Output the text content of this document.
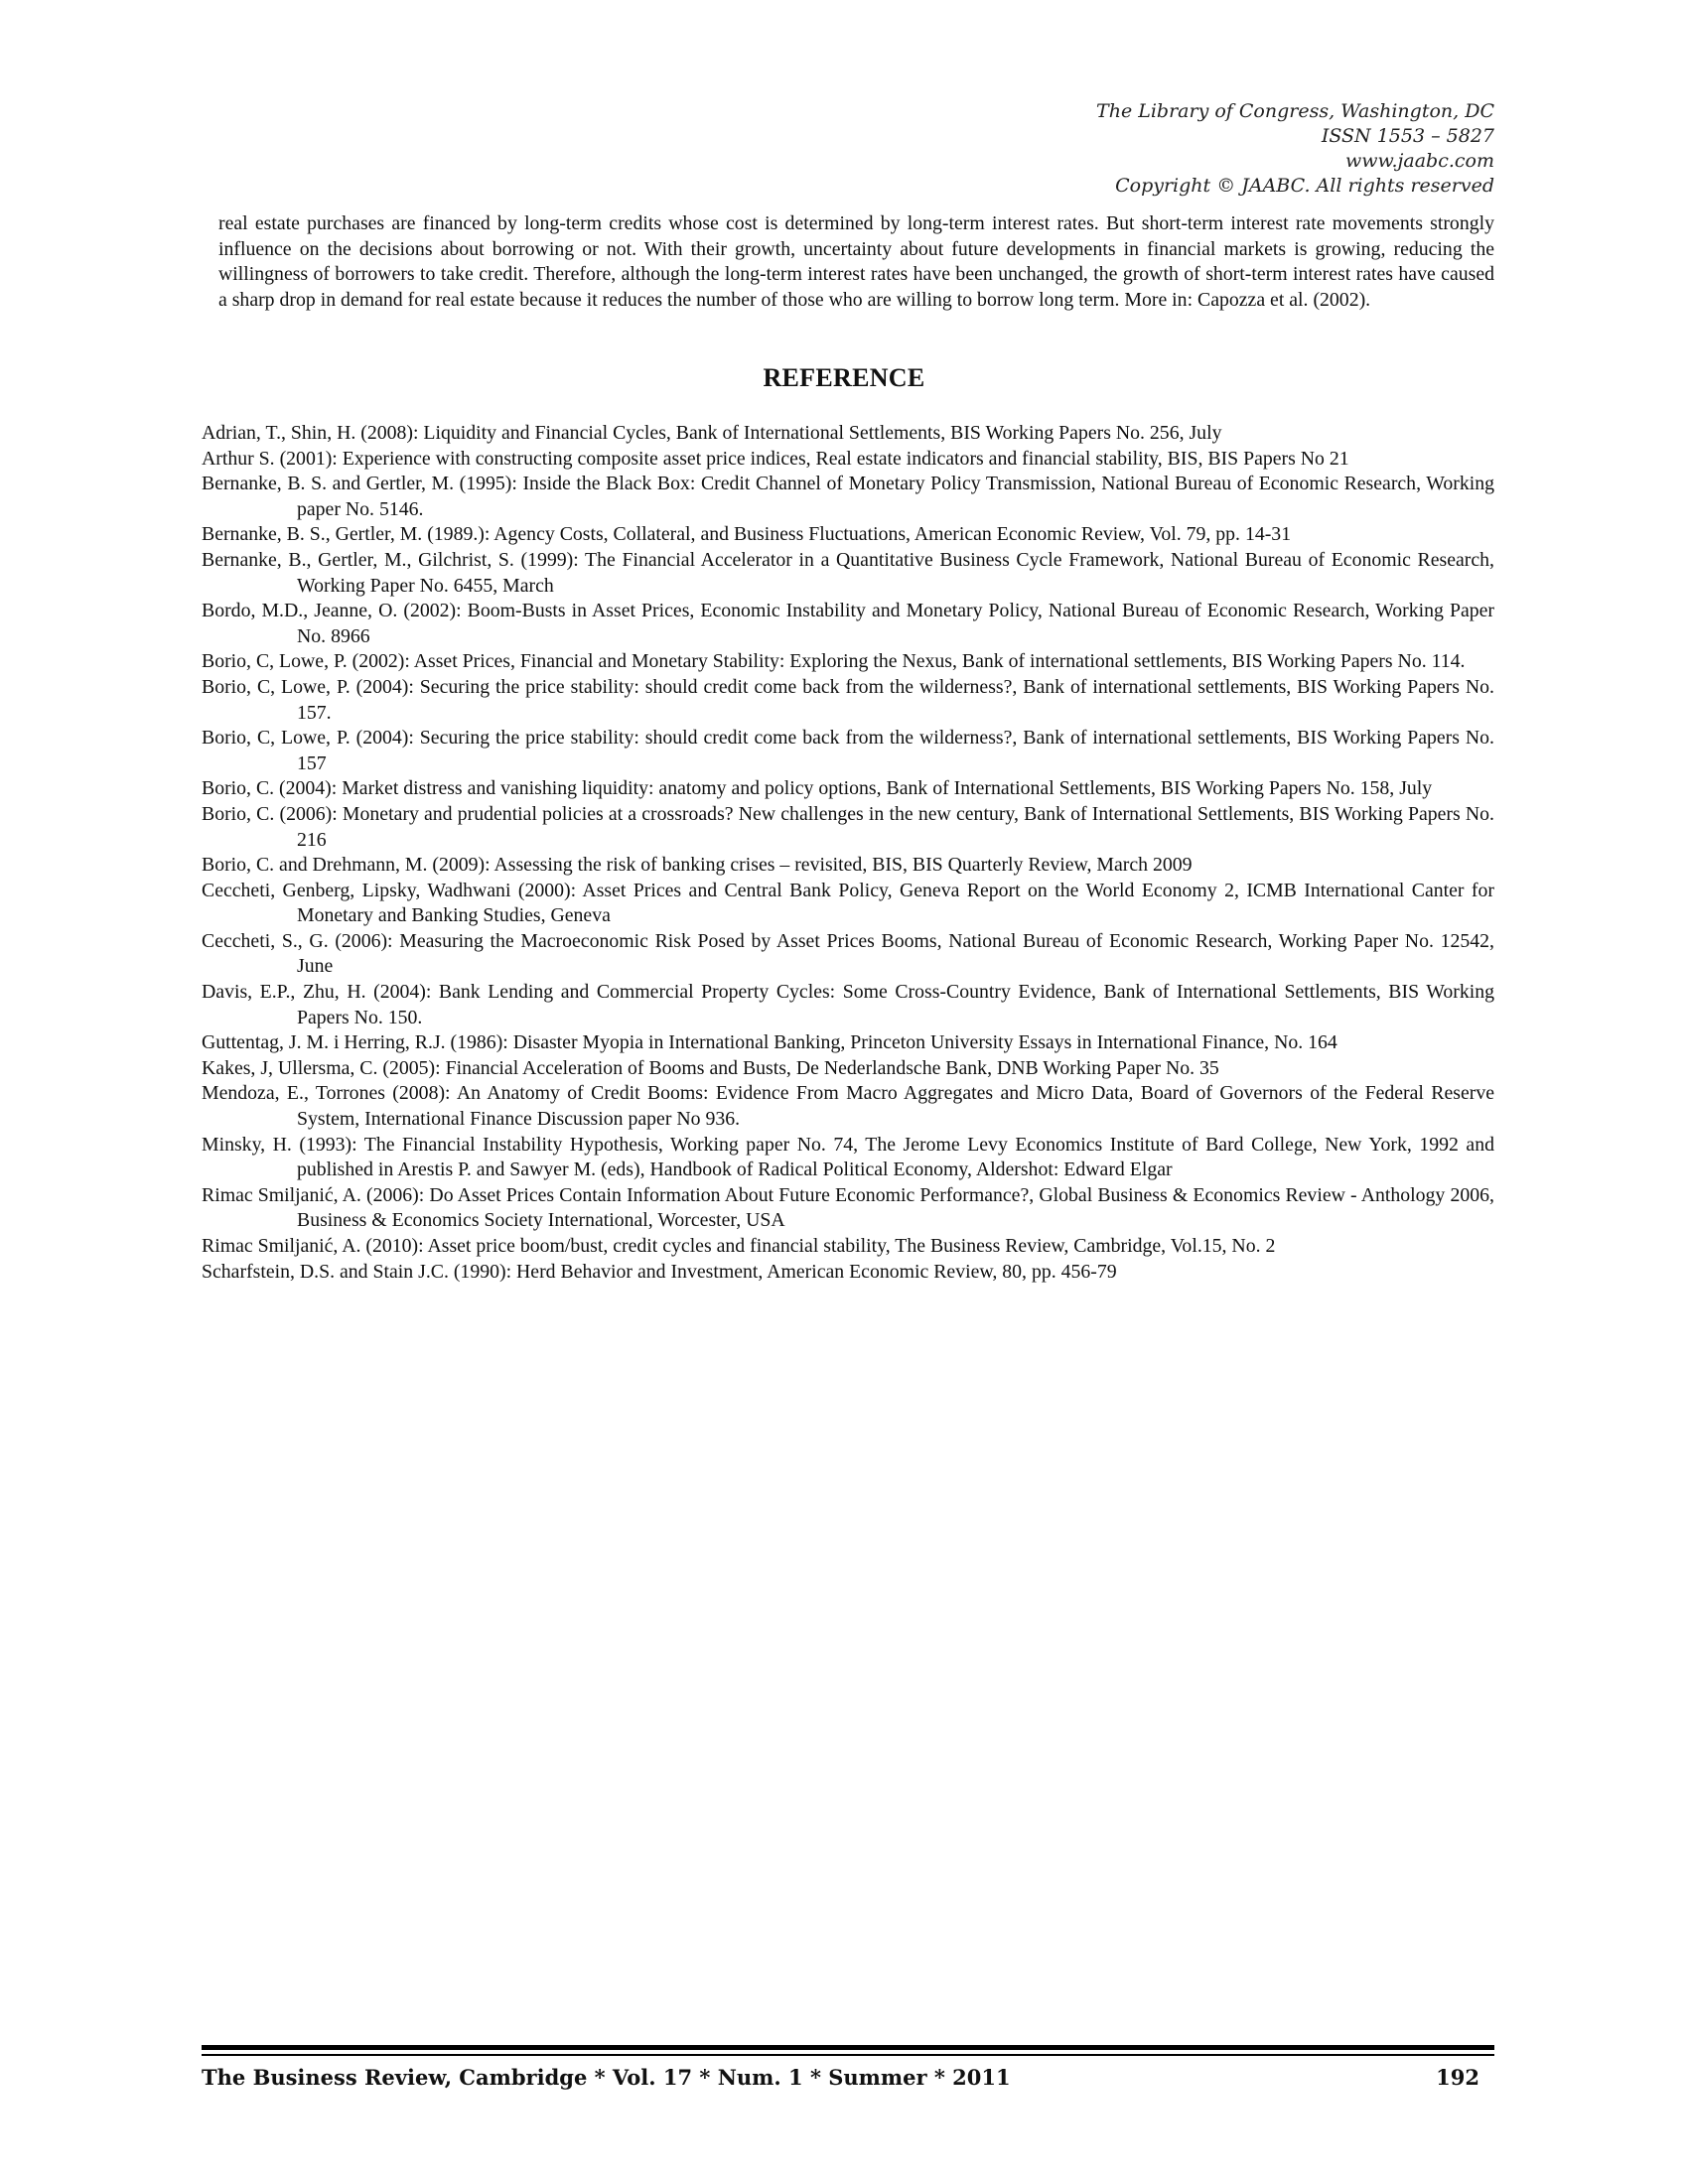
The Library of Congress, Washington, DC
ISSN 1553 – 5827
www.jaabc.com
Copyright © JAABC. All rights reserved
real estate purchases are financed by long-term credits whose cost is determined by long-term interest rates. But short-term interest rate movements strongly influence on the decisions about borrowing or not. With their growth, uncertainty about future developments in financial markets is growing, reducing the willingness of borrowers to take credit. Therefore, although the long-term interest rates have been unchanged, the growth of short-term interest rates have caused a sharp drop in demand for real estate because it reduces the number of those who are willing to borrow long term. More in: Capozza et al. (2002).
REFERENCE
Adrian, T., Shin, H. (2008): Liquidity and Financial Cycles, Bank of International Settlements, BIS Working Papers No. 256, July
Arthur S. (2001): Experience with constructing composite asset price indices, Real estate indicators and financial stability, BIS, BIS Papers No 21
Bernanke, B. S. and Gertler, M. (1995): Inside the Black Box: Credit Channel of Monetary Policy Transmission, National Bureau of Economic Research, Working paper No. 5146.
Bernanke, B. S., Gertler, M. (1989.): Agency Costs, Collateral, and Business Fluctuations, American Economic Review, Vol. 79, pp. 14-31
Bernanke, B., Gertler, M., Gilchrist, S. (1999): The Financial Accelerator in a Quantitative Business Cycle Framework, National Bureau of Economic Research, Working Paper No. 6455, March
Bordo, M.D., Jeanne, O. (2002): Boom-Busts in Asset Prices, Economic Instability and Monetary Policy, National Bureau of Economic Research, Working Paper No. 8966
Borio, C, Lowe, P. (2002): Asset Prices, Financial and Monetary Stability: Exploring the Nexus, Bank of international settlements, BIS Working Papers No. 114.
Borio, C, Lowe, P. (2004): Securing the price stability: should credit come back from the wilderness?, Bank of international settlements, BIS Working Papers No. 157.
Borio, C, Lowe, P. (2004): Securing the price stability: should credit come back from the wilderness?, Bank of international settlements, BIS Working Papers No. 157
Borio, C. (2004): Market distress and vanishing liquidity: anatomy and policy options, Bank of International Settlements, BIS Working Papers No. 158, July
Borio, C. (2006): Monetary and prudential policies at a crossroads? New challenges in the new century, Bank of International Settlements, BIS Working Papers No. 216
Borio, C. and Drehmann, M. (2009): Assessing the risk of banking crises – revisited, BIS, BIS Quarterly Review, March 2009
Ceccheti, Genberg, Lipsky, Wadhwani (2000): Asset Prices and Central Bank Policy, Geneva Report on the World Economy 2, ICMB International Canter for Monetary and Banking Studies, Geneva
Ceccheti, S., G. (2006): Measuring the Macroeconomic Risk Posed by Asset Prices Booms, National Bureau of Economic Research, Working Paper No. 12542, June
Davis, E.P., Zhu, H. (2004): Bank Lending and Commercial Property Cycles: Some Cross-Country Evidence, Bank of International Settlements, BIS Working Papers No. 150.
Guttentag, J. M. i Herring, R.J. (1986): Disaster Myopia in International Banking, Princeton University Essays in International Finance, No. 164
Kakes, J, Ullersma, C. (2005): Financial Acceleration of Booms and Busts, De Nederlandsche Bank, DNB Working Paper No. 35
Mendoza, E., Torrones (2008): An Anatomy of Credit Booms: Evidence From Macro Aggregates and Micro Data, Board of Governors of the Federal Reserve System, International Finance Discussion paper No 936.
Minsky, H. (1993): The Financial Instability Hypothesis, Working paper No. 74, The Jerome Levy Economics Institute of Bard College, New York, 1992 and published in Arestis P. and Sawyer M. (eds), Handbook of Radical Political Economy, Aldershot: Edward Elgar
Rimac Smiljanić, A. (2006): Do Asset Prices Contain Information About Future Economic Performance?, Global Business & Economics Review - Anthology 2006, Business & Economics Society International, Worcester, USA
Rimac Smiljanić, A. (2010): Asset price boom/bust, credit cycles and financial stability, The Business Review, Cambridge, Vol.15, No. 2
Scharfstein, D.S. and Stain J.C. (1990): Herd Behavior and Investment, American Economic Review, 80, pp. 456-79
The Business Review, Cambridge * Vol. 17 * Num. 1 * Summer * 2011	192
